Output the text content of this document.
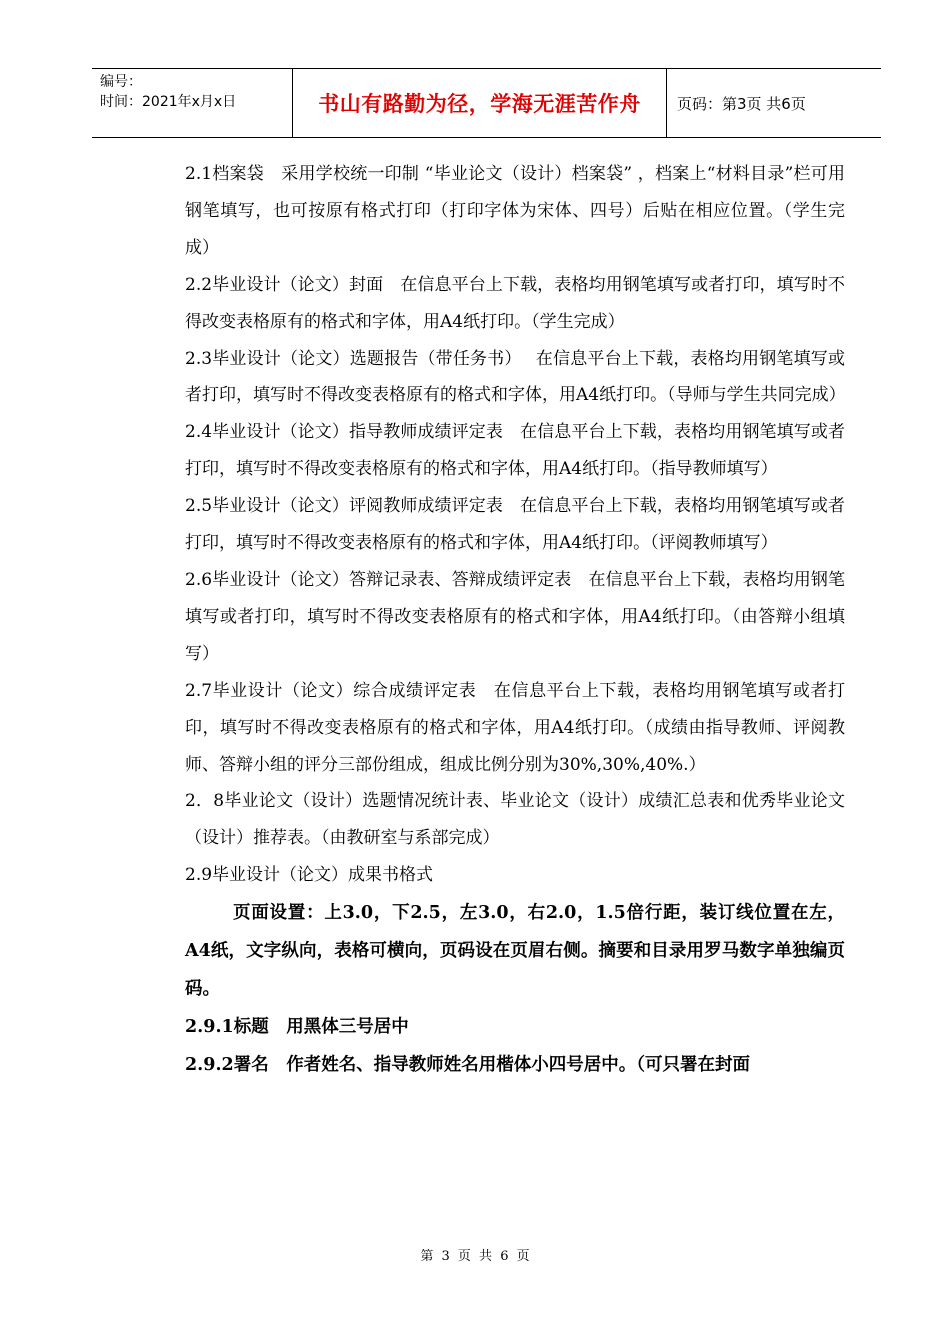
编号：
时间：2021年x月x日	书山有路勤为径，学海无涯苦作舟	页码：第3页 共6页

2.1档案袋　采用学校统一印制 “毕业论文（设计）档案袋” ，档案上“材料目录”栏可用钢笔填写，也可按原有格式打印（打印字体为宋体、四号）后贴在相应位置。（学生完成）

2.2毕业设计（论文）封面　在信息平台上下载，表格均用钢笔填写或者打印，填写时不得改变表格原有的格式和字体，用A4纸打印。（学生完成）

2.3毕业设计（论文）选题报告（带任务书）　 在信息平台上下载，表格均用钢笔填写或者打印，填写时不得改变表格原有的格式和字体，用A4纸打印。（导师与学生共同完成）

2.4毕业设计（论文）指导教师成绩评定表　在信息平台上下载，表格均用钢笔填写或者打印，填写时不得改变表格原有的格式和字体，用A4纸打印。（指导教师填写）

2.5毕业设计（论文）评阅教师成绩评定表　在信息平台上下载，表格均用钢笔填写或者打印，填写时不得改变表格原有的格式和字体，用A4纸打印。（评阅教师填写）

2.6毕业设计（论文）答辩记录表、答辩成绩评定表　在信息平台上下载，表格均用钢笔填写或者打印，填写时不得改变表格原有的格式和字体，用A4纸打印。（由答辩小组填写）

2.7毕业设计（论文）综合成绩评定表　在信息平台上下载，表格均用钢笔填写或者打印，填写时不得改变表格原有的格式和字体，用A4纸打印。（成绩由指导教师、评阅教师、答辩小组的评分三部份组成，组成比例分别为30%,30%,40%.）

2．8毕业论文（设计）选题情况统计表、毕业论文（设计）成绩汇总表和优秀毕业论文（设计）推荐表。（由教研室与系部完成）

2.9毕业设计（论文）成果书格式

页面设置：上3.0，下2.5，左3.0，右2.0，1.5倍行距，装订线位置在左，A4纸，文字纵向，表格可横向，页码设在页眉右侧。摘要和目录用罗马数字单独编页码。

2.9.1标题　用黑体三号居中

2.9.2署名　作者姓名、指导教师姓名用楷体小四号居中。（可只署在封面

第 3 页 共 6 页
